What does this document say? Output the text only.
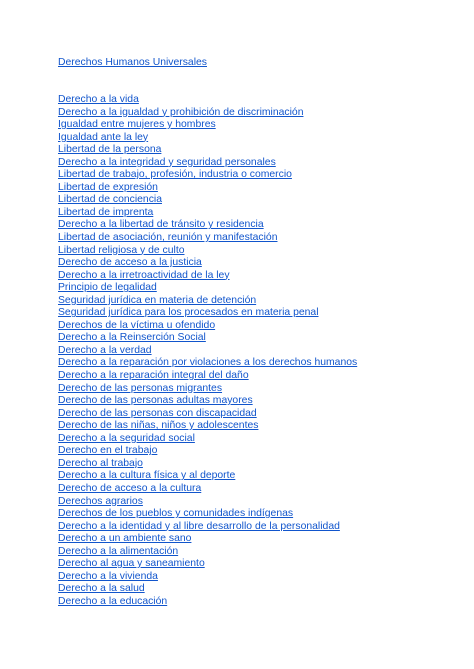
Derechos Humanos Universales
Derecho a la vida
Derecho a la igualdad y prohibición de discriminación
Igualdad entre mujeres y hombres
Igualdad ante la ley
Libertad de la persona
Derecho a la integridad y seguridad personales
Libertad de trabajo, profesión, industria o comercio
Libertad de expresión
Libertad de conciencia
Libertad de imprenta
Derecho a la libertad de tránsito y residencia
Libertad de asociación, reunión y manifestación
Libertad religiosa y de culto
Derecho de acceso a la justicia
Derecho a la irretroactividad de la ley
Principio de legalidad
Seguridad jurídica en materia de detención
Seguridad jurídica para los procesados en materia penal
Derechos de la víctima u ofendido
Derecho a la Reinserción Social
Derecho a la verdad
Derecho a la reparación por violaciones a los derechos humanos
Derecho a la reparación integral del daño
Derecho de las personas migrantes
Derecho de las personas adultas mayores
Derecho de las personas con discapacidad
Derecho de las niñas, niños y adolescentes
Derecho a la seguridad social
Derecho en el trabajo
Derecho al trabajo
Derecho a la cultura física y al deporte
Derecho de acceso a la cultura
Derechos agrarios
Derechos de los pueblos y comunidades indígenas
Derecho a la identidad y al libre desarrollo de la personalidad
Derecho a un ambiente sano
Derecho a la alimentación
Derecho al agua y saneamiento
Derecho a la vivienda
Derecho a la salud
Derecho a la educación
